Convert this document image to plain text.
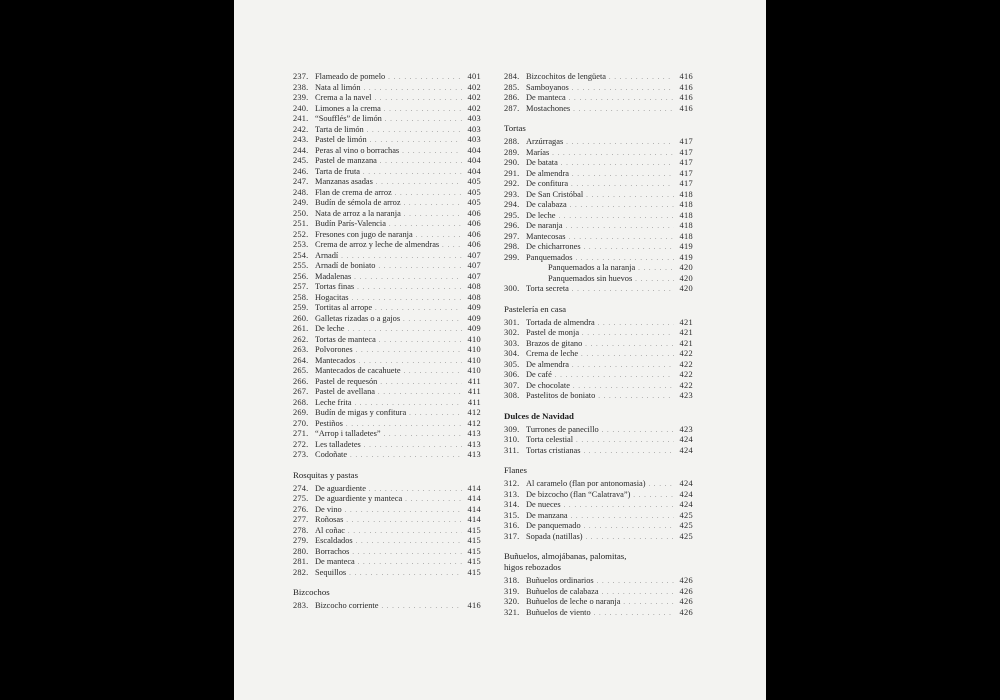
237. Flameado de pomelo . . .	401
238. Nata al limón . . .	402
239. Crema a la navel . . .	402
240. Limones a la crema . . .	402
241. “Soufflés” de limón . . .	403
242. Tarta de limón . . .	403
243. Pastel de limón . . .	403
244. Peras al vino o borrachas . . .	404
245. Pastel de manzana . . .	404
246. Tarta de fruta . . .	404
247. Manzanas asadas . . .	405
248. Flan de crema de arroz . . .	405
249. Budín de sémola de arroz . . .	405
250. Nata de arroz a la naranja . . .	406
251. Budín París-Valencia . . .	406
252. Fresones con jugo de naranja . . .	406
253. Crema de arroz y leche de almendras . . .	406
254. Arnadí . . .	407
255. Arnadí de boniato . . .	407
256. Madalenas . . .	407
257. Tortas finas . . .	408
258. Hogacitas . . .	408
259. Tortitas al arrope . . .	409
260. Galletas rizadas o a gajos . . .	409
261. De leche . . .	409
262. Tortas de manteca . . .	410
263. Polvorones . . .	410
264. Mantecados . . .	410
265. Mantecados de cacahuete . . .	410
266. Pastel de requesón . . .	411
267. Pastel de avellana . . .	411
268. Leche frita . . .	411
269. Budín de migas y confitura . . .	412
270. Pestiños . . .	412
271. “Arrop i talladetes” . . .	413
272. Les talladetes . . .	413
273. Codoñate . . .	413
Rosquitas y pastas
274. De aguardiente . . .	414
275. De aguardiente y manteca . . .	414
276. De vino . . .	414
277. Roñosas . . .	414
278. Al coñac . . .	415
279. Escaldados . . .	415
280. Borrachos . . .	415
281. De manteca . . .	415
282. Sequillos . . .	415
Bizcochos
283. Bizcocho corriente . . .	416
284. Bizcochitos de lengüeta . . .	416
285. Samboyanos . . .	416
286. De manteca . . .	416
287. Mostachones . . .	416
Tortas
288. Arzúrragas . . .	417
289. Marías . . .	417
290. De batata . . .	417
291. De almendra . . .	417
292. De confitura . . .	417
293. De San Cristóbal . . .	418
294. De calabaza . . .	418
295. De leche . . .	418
296. De naranja . . .	418
297. Mantecosas . . .	418
298. De chicharrones . . .	419
299. Panquemados . . .	419
Panquemados a la naranja . . .	420
Panquemados sin huevos . . .	420
300. Torta secreta . . .	420
Pastelería en casa
301. Tortada de almendra . . .	421
302. Pastel de monja . . .	421
303. Brazos de gitano . . .	421
304. Crema de leche . . .	422
305. De almendra . . .	422
306. De café . . .	422
307. De chocolate . . .	422
308. Pastelitos de boniato . . .	423
Dulces de Navidad
309. Turrones de panecillo . . .	423
310. Torta celestial . . .	424
311. Tortas cristianas . . .	424
Flanes
312. Al caramelo (flan por antonomasia) . . .	424
313. De bizcocho (flan “Calatrava”) . . .	424
314. De nueces . . .	424
315. De manzana . . .	425
316. De panquemado . . .	425
317. Sopada (natillas) . . .	425
Buñuelos, almojábanas, palomitas, higos rebozados
318. Buñuelos ordinarios . . .	426
319. Buñuelos de calabaza . . .	426
320. Buñuelos de leche o naranja . . .	426
321. Buñuelos de viento . . .	426
